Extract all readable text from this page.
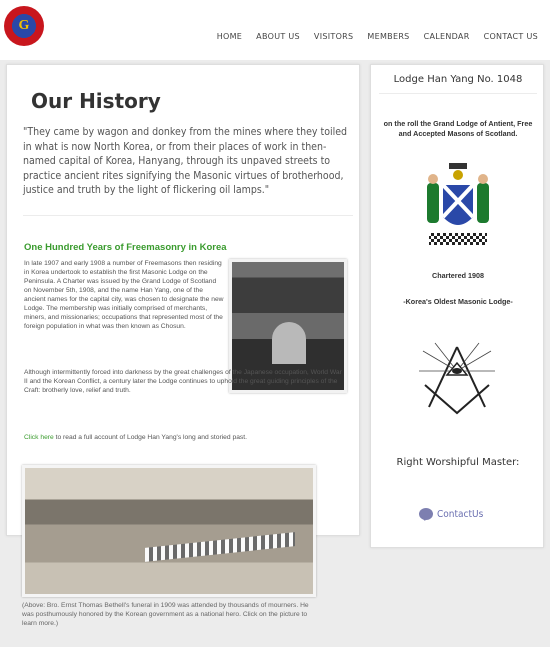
G
HOME ABOUT US VISITORS MEMBERS CALENDAR CONTACT US
Our History

"They came by wagon and donkey from the mines where they toiled in what is now North Korea, or from their places of work in then-named capital of Korea, Hanyang, through its unpaved streets to practice ancient rites signifying the Masonic virtues of brotherhood, justice and truth by the light of flickering oil lamps."

One Hundred Years of Freemasonry in Korea

In late 1907 and early 1908 a number of Freemasons then residing in Korea undertook to establish the first Masonic Lodge on the Peninsula. A Charter was issued by the Grand Lodge of Scotland on November 5th, 1908, and the name Han Yang, one of the ancient names for the capital city, was chosen to designate the new Lodge. The membership was initially comprised of merchants, miners, and missionaries; occupations that represented most of the foreign population in what was then known as Chosun.

Although intermittently forced into darkness by the great challenges of the Japanese occupation, World War II and the Korean Conflict, a century later the Lodge continues to uphold the great guiding principles of the Craft: brotherly love, relief and truth.

Click here to read a full account of Lodge Han Yang's long and storied past.

(Above: Bro. Ernst Thomas Bethell's funeral in 1909 was attended by thousands of mourners. He was posthumously honored by the Korean government as a national hero. Click on the picture to learn more.)

Lodge Han Yang No. 1048
on the roll the Grand Lodge of Antient, Free and Accepted Masons of Scotland.
Chartered 1908
-Korea's Oldest Masonic Lodge-
Right Worshipful Master:
ContactUs
